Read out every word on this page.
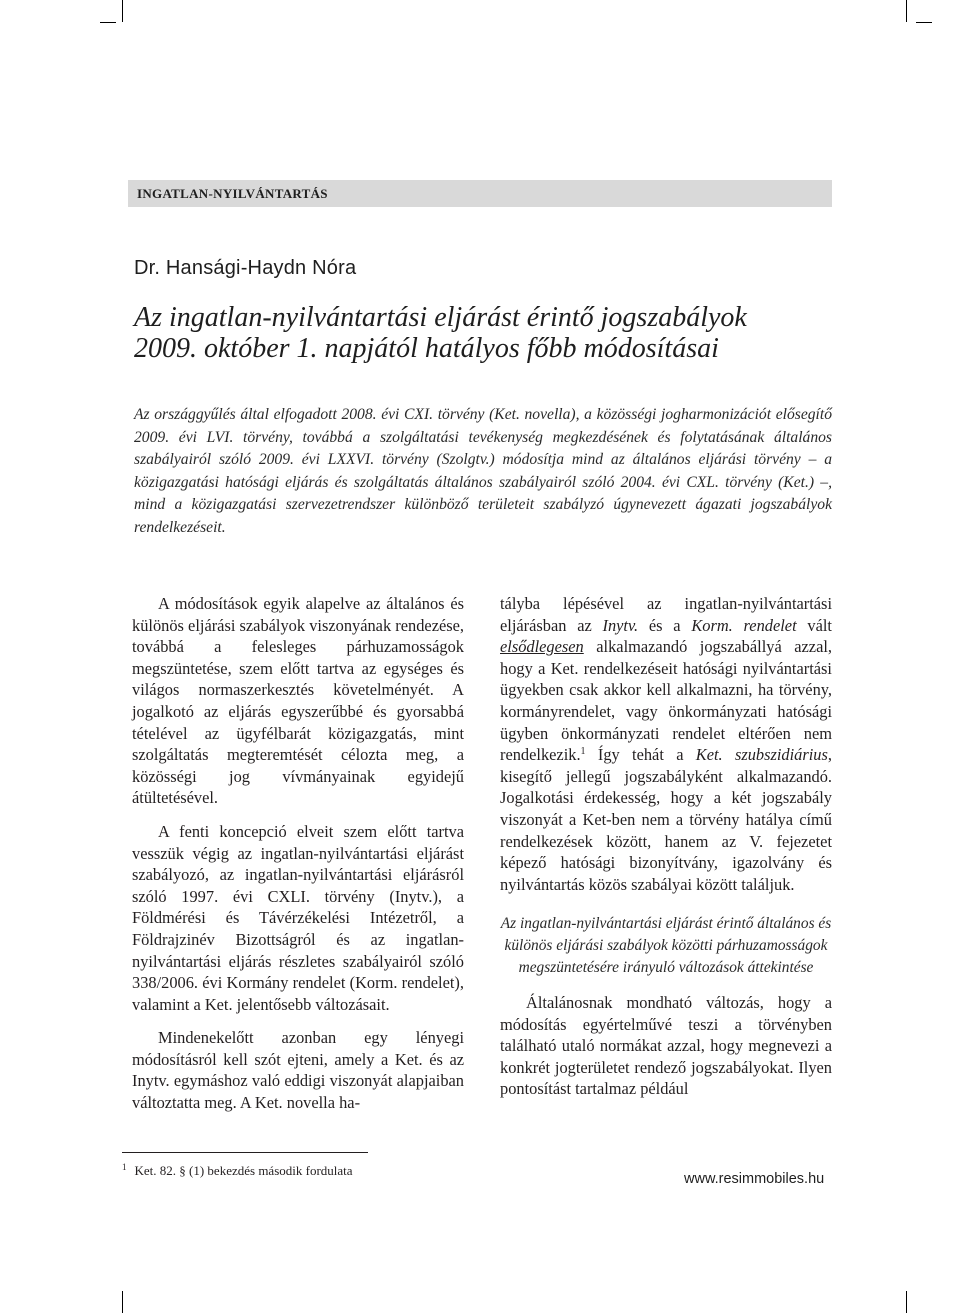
INGATLAN-NYILVÁNTARTÁS
Dr. Hansági-Haydn Nóra
Az ingatlan-nyilvántartási eljárást érintő jogszabályok
2009. október 1. napjától hatályos főbb módosításai

Az országgyűlés által elfogadott 2008. évi CXI. törvény (Ket. novella), a közösségi jogharmonizációt elősegítő 2009. évi LVI. törvény, továbbá a szolgáltatási tevékenység megkezdésének és folytatásának általános szabályairól szóló 2009. évi LXXVI. törvény (Szolgtv.) módosítja mind az általános eljárási törvény – a közigazgatási hatósági eljárás és szolgáltatás általános szabályairól szóló 2004. évi CXL. törvény (Ket.) –, mind a közigazgatási szervezetrendszer különböző területeit szabályzó úgynevezett ágazati jogszabályok rendelkezéseit.

A módosítások egyik alapelve az általános és különös eljárási szabályok viszonyának rendezése, továbbá a felesleges párhuzamosságok megszüntetése, szem előtt tartva az egységes és világos normaszerkesztés követelményét. A jogalkotó az eljárás egyszerűbbé és gyorsabbá tételével az ügyfélbarát közigazgatás, mint szolgáltatás megteremtését célozta meg, a közösségi jog vívmányainak egyidejű átültetésével.

A fenti koncepció elveit szem előtt tartva vesszük végig az ingatlan-nyilvántartási eljárást szabályozó, az ingatlan-nyilvántartási eljárásról szóló 1997. évi CXLI. törvény (Inytv.), a Földmérési és Távérzékelési Intézetről, a Földrajzinév Bizottságról és az ingatlan-nyilvántartási eljárás részletes szabályairól szóló 338/2006. évi Kormány rendelet (Korm. rendelet), valamint a Ket. jelentősebb változásait.

Mindenekelőtt azonban egy lényegi módosításról kell szót ejteni, amely a Ket. és az Inytv. egymáshoz való eddigi viszonyát alapjaiban változtatta meg. A Ket. novella ha-

tályba lépésével az ingatlan-nyilvántartási eljárásban az Inytv. és a Korm. rendelet vált elsődlegesen alkalmazandó jogszabállyá azzal, hogy a Ket. rendelkezéseit hatósági nyilvántartási ügyekben csak akkor kell alkalmazni, ha törvény, kormányrendelet, vagy önkormányzati hatósági ügyben önkormányzati rendelet eltérően nem rendelkezik.$^1$ Így tehát a Ket. szubszidiárius, kisegítő jellegű jogszabályként alkalmazandó. Jogalkotási érdekesség, hogy a két jogszabály viszonyát a Ket-ben nem a törvény hatálya című rendelkezések között, hanem az V. fejezetet képező hatósági bizonyítvány, igazolvány és nyilvántartás közös szabályai között találjuk.

Az ingatlan-nyilvántartási eljárást érintő általános és különös eljárási szabályok közötti párhuzamosságok megszüntetésére irányuló változások áttekintése

Általánosnak mondható változás, hogy a módosítás egyértelművé teszi a törvényben található utaló normákat azzal, hogy megnevezi a konkrét jogterületet rendező jogszabályokat. Ilyen pontosítást tartalmaz például

$^1$ Ket. 82. § (1) bekezdés második fordulata
www.resimmobiles.hu
